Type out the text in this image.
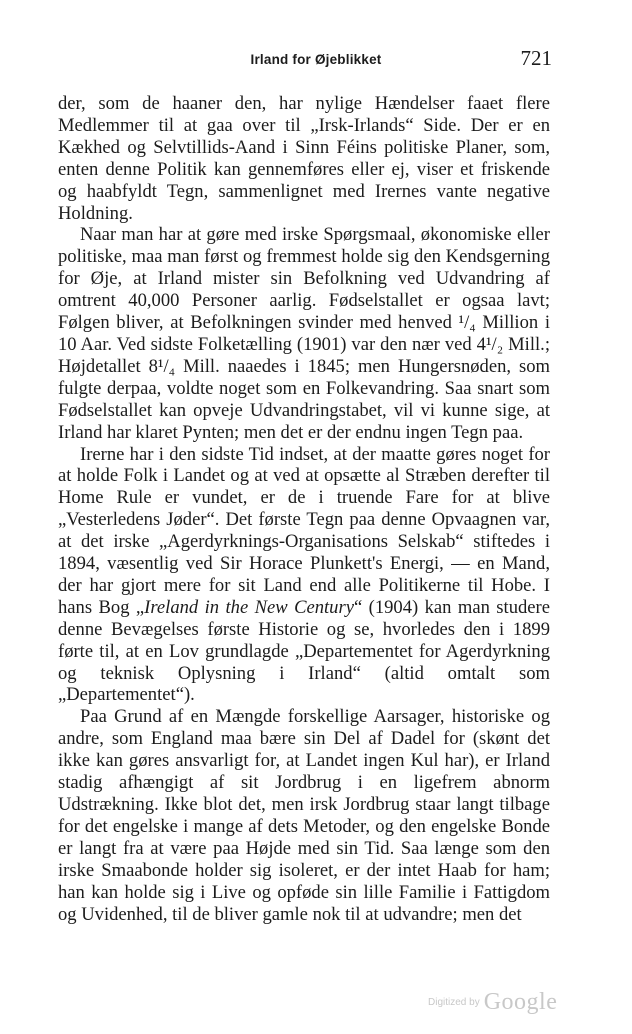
Irland for Øjeblikket	721

der, som de haaner den, har nylige Hændelser faaet flere Medlemmer til at gaa over til „Irsk-Irlands“ Side. Der er en Kækhed og Selvtillids-Aand i Sinn Féins politiske Planer, som, enten denne Politik kan gennemføres eller ej, viser et friskende og haabfyldt Tegn, sammenlignet med Irernes vante negative Holdning.

Naar man har at gøre med irske Spørgsmaal, økonomiske eller politiske, maa man først og fremmest holde sig den Kendsgerning for Øje, at Irland mister sin Befolkning ved Udvandring af omtrent 40,000 Personer aarlig. Fødselstallet er ogsaa lavt; Følgen bliver, at Befolkningen svinder med henved ¹/₄ Million i 10 Aar. Ved sidste Folketælling (1901) var den nær ved 4¹/₂ Mill.; Højdetallet 8¹/₄ Mill. naaedes i 1845; men Hungersnøden, som fulgte derpaa, voldte noget som en Folkevandring. Saa snart som Fødselstallet kan opveje Udvandringstabet, vil vi kunne sige, at Irland har klaret Pynten; men det er der endnu ingen Tegn paa.

Irerne har i den sidste Tid indset, at der maatte gøres noget for at holde Folk i Landet og at ved at opsætte al Stræben derefter til Home Rule er vundet, er de i truende Fare for at blive „Vesterledens Jøder“. Det første Tegn paa denne Opvaagnen var, at det irske „Agerdyrknings-Organisations Selskab“ stiftedes i 1894, væsentlig ved Sir Horace Plunkett's Energi, — en Mand, der har gjort mere for sit Land end alle Politikerne til Hobe. I hans Bog „Ireland in the New Century“ (1904) kan man studere denne Bevægelses første Historie og se, hvorledes den i 1899 førte til, at en Lov grundlagde „Departementet for Agerdyrkning og teknisk Oplysning i Irland“ (altid omtalt som „Departementet“).

Paa Grund af en Mængde forskellige Aarsager, historiske og andre, som England maa bære sin Del af Dadel for (skønt det ikke kan gøres ansvarligt for, at Landet ingen Kul har), er Irland stadig afhængigt af sit Jordbrug i en ligefrem abnorm Udstrækning. Ikke blot det, men irsk Jordbrug staar langt tilbage for det engelske i mange af dets Metoder, og den engelske Bonde er langt fra at være paa Højde med sin Tid. Saa længe som den irske Smaabonde holder sig isoleret, er der intet Haab for ham; han kan holde sig i Live og opføde sin lille Familie i Fattigdom og Uvidenhed, til de bliver gamle nok til at udvandre; men det

$^{Digitized by}$ Google
